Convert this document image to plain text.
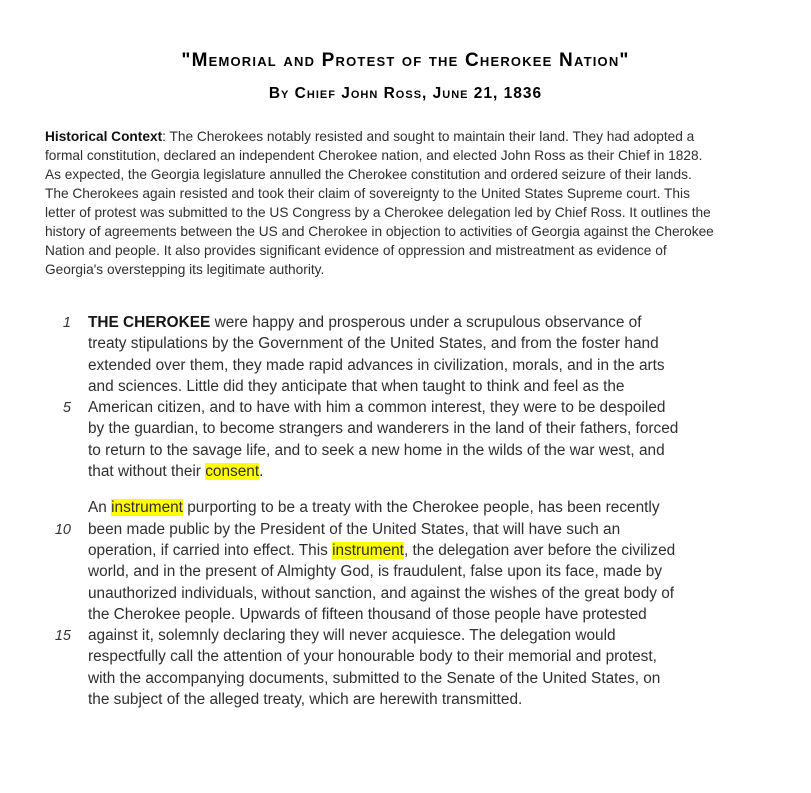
"Memorial and Protest of the Cherokee Nation"
By Chief John Ross, June 21, 1836
Historical Context: The Cherokees notably resisted and sought to maintain their land. They had adopted a
formal constitution, declared an independent Cherokee nation, and elected John Ross as their Chief in 1828.
As expected, the Georgia legislature annulled the Cherokee constitution and ordered seizure of their lands.
The Cherokees again resisted and took their claim of sovereignty to the United States Supreme court. This
letter of protest was submitted to the US Congress by a Cherokee delegation led by Chief Ross. It outlines the
history of agreements between the US and Cherokee in objection to activities of Georgia against the Cherokee
Nation and people. It also provides significant evidence of oppression and mistreatment as evidence of
Georgia's overstepping its legitimate authority.
1 THE CHEROKEE were happy and prosperous under a scrupulous observance of
treaty stipulations by the Government of the United States, and from the foster hand
extended over them, they made rapid advances in civilization, morals, and in the arts
and sciences. Little did they anticipate that when taught to think and feel as the
5 American citizen, and to have with him a common interest, they were to be despoiled
by the guardian, to become strangers and wanderers in the land of their fathers, forced
to return to the savage life, and to seek a new home in the wilds of the war west, and
that without their consent.
An instrument purporting to be a treaty with the Cherokee people, has been recently
10 been made public by the President of the United States, that will have such an
operation, if carried into effect. This instrument, the delegation aver before the civilized
world, and in the present of Almighty God, is fraudulent, false upon its face, made by
unauthorized individuals, without sanction, and against the wishes of the great body of
the Cherokee people. Upwards of fifteen thousand of those people have protested
15 against it, solemnly declaring they will never acquiesce. The delegation would
respectfully call the attention of your honourable body to their memorial and protest,
with the accompanying documents, submitted to the Senate of the United States, on
the subject of the alleged treaty, which are herewith transmitted.
